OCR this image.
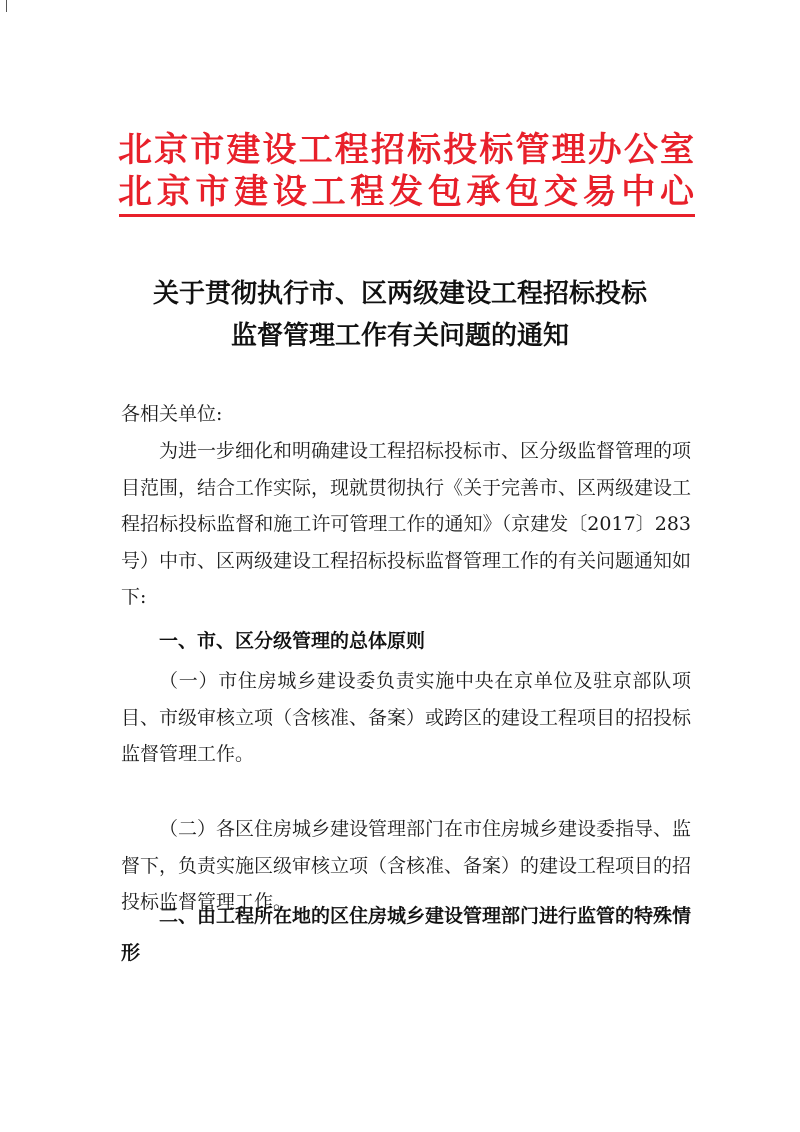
北京市建设工程招标投标管理办公室
北京市建设工程发包承包交易中心
关于贯彻执行市、区两级建设工程招标投标
监督管理工作有关问题的通知
各相关单位:
为进一步细化和明确建设工程招标投标市、区分级监督管理的项目范围，结合工作实际，现就贯彻执行《关于完善市、区两级建设工程招标投标监督和施工许可管理工作的通知》（京建发〔2017〕283号）中市、区两级建设工程招标投标监督管理工作的有关问题通知如下:
一、市、区分级管理的总体原则
（一）市住房城乡建设委负责实施中央在京单位及驻京部队项目、市级审核立项（含核准、备案）或跨区的建设工程项目的招投标监督管理工作。
（二）各区住房城乡建设管理部门在市住房城乡建设委指导、监督下，负责实施区级审核立项（含核准、备案）的建设工程项目的招投标监督管理工作。
二、由工程所在地的区住房城乡建设管理部门进行监管的特殊情形
